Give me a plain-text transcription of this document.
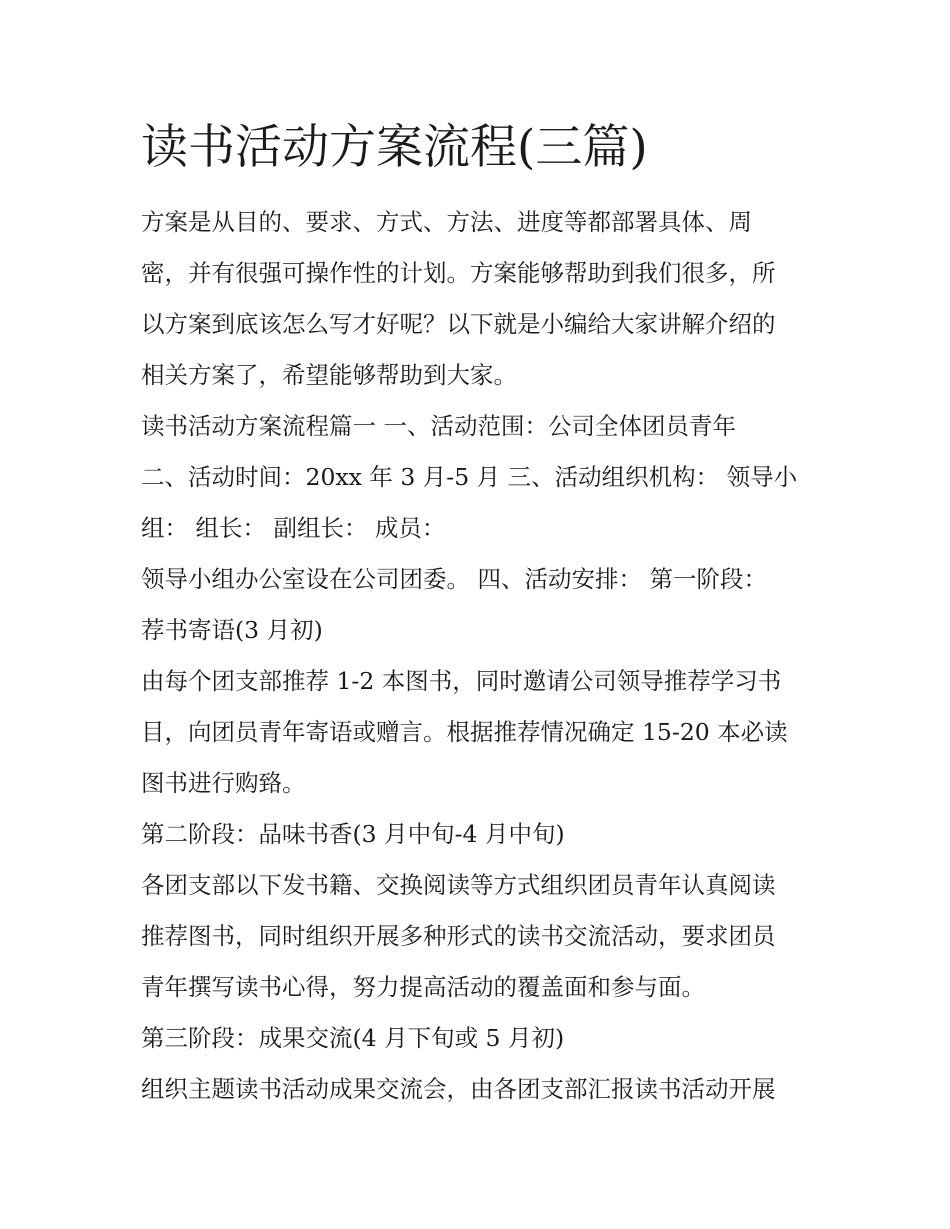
读书活动方案流程(三篇)
方案是从目的、要求、方式、方法、进度等都部署具体、周
密，并有很强可操作性的计划。方案能够帮助到我们很多，所
以方案到底该怎么写才好呢？以下就是小编给大家讲解介绍的
相关方案了，希望能够帮助到大家。
读书活动方案流程篇一 一、活动范围：公司全体团员青年
二、活动时间：20xx 年 3 月-5 月 三、活动组织机构： 领导小
组： 组长： 副组长： 成员：
领导小组办公室设在公司团委。 四、活动安排： 第一阶段：
荐书寄语(3 月初)
由每个团支部推荐 1-2 本图书，同时邀请公司领导推荐学习书
目，向团员青年寄语或赠言。根据推荐情况确定 15-20 本必读
图书进行购臵。
第二阶段：品味书香(3 月中旬-4 月中旬)
各团支部以下发书籍、交换阅读等方式组织团员青年认真阅读
推荐图书，同时组织开展多种形式的读书交流活动，要求团员
青年撰写读书心得，努力提高活动的覆盖面和参与面。
第三阶段：成果交流(4 月下旬或 5 月初)
组织主题读书活动成果交流会，由各团支部汇报读书活动开展
